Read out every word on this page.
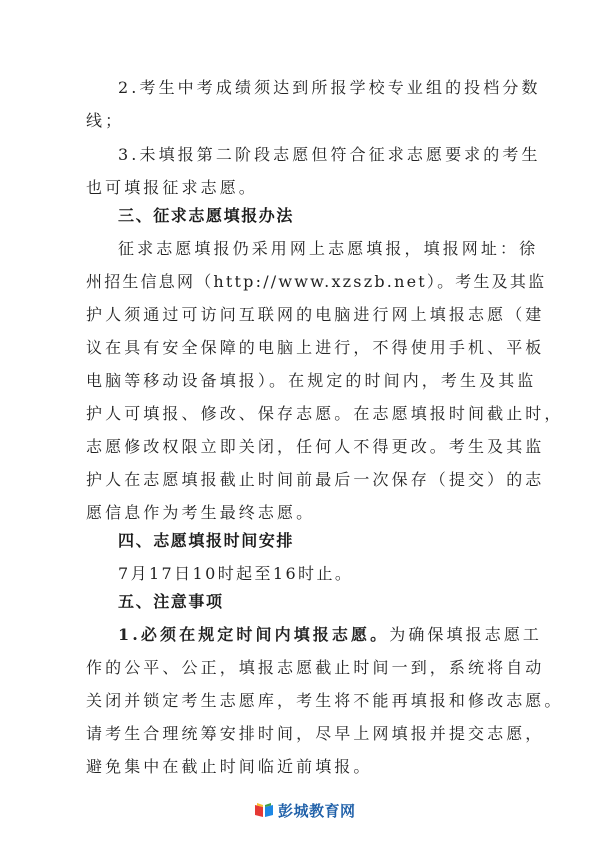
2.考生中考成绩须达到所报学校专业组的投档分数
线；
3.未填报第二阶段志愿但符合征求志愿要求的考生
也可填报征求志愿。
三、征求志愿填报办法
征求志愿填报仍采用网上志愿填报，填报网址：徐
州招生信息网（http://www.xzszb.net）。考生及其监
护人须通过可访问互联网的电脑进行网上填报志愿（建
议在具有安全保障的电脑上进行，不得使用手机、平板
电脑等移动设备填报）。在规定的时间内，考生及其监
护人可填报、修改、保存志愿。在志愿填报时间截止时，
志愿修改权限立即关闭，任何人不得更改。考生及其监
护人在志愿填报截止时间前最后一次保存（提交）的志
愿信息作为考生最终志愿。
四、志愿填报时间安排
7月17日10时起至16时止。
五、注意事项
1.必须在规定时间内填报志愿。为确保填报志愿工
作的公平、公正，填报志愿截止时间一到，系统将自动
关闭并锁定考生志愿库，考生将不能再填报和修改志愿。
请考生合理统筹安排时间，尽早上网填报并提交志愿，
避免集中在截止时间临近前填报。
彭城教育网
